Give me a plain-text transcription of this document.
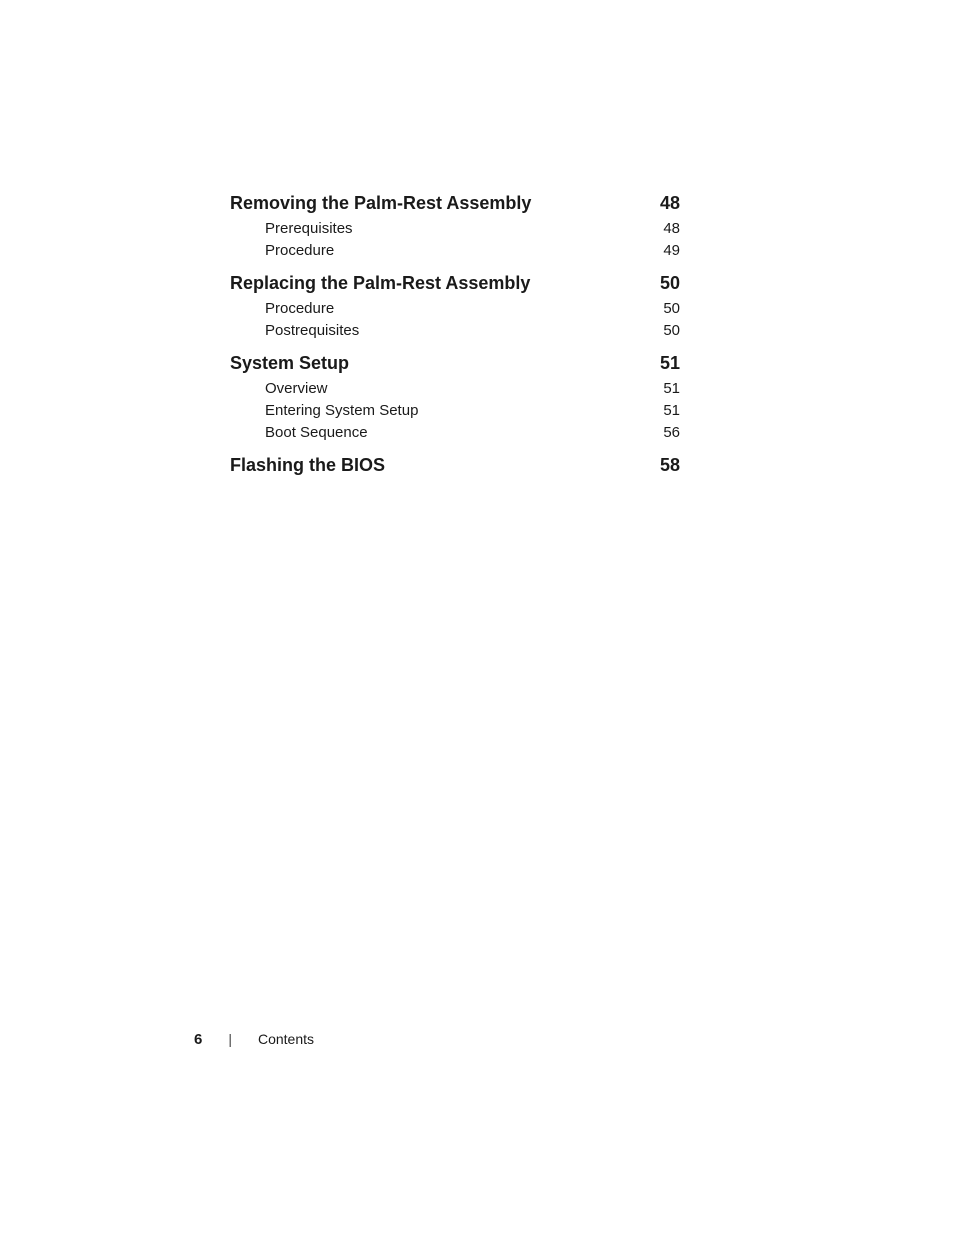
Removing the Palm-Rest Assembly	48
Prerequisites	48
Procedure	49
Replacing the Palm-Rest Assembly	50
Procedure	50
Postrequisites	50
System Setup	51
Overview	51
Entering System Setup	51
Boot Sequence	56
Flashing the BIOS	58
6 | Contents
